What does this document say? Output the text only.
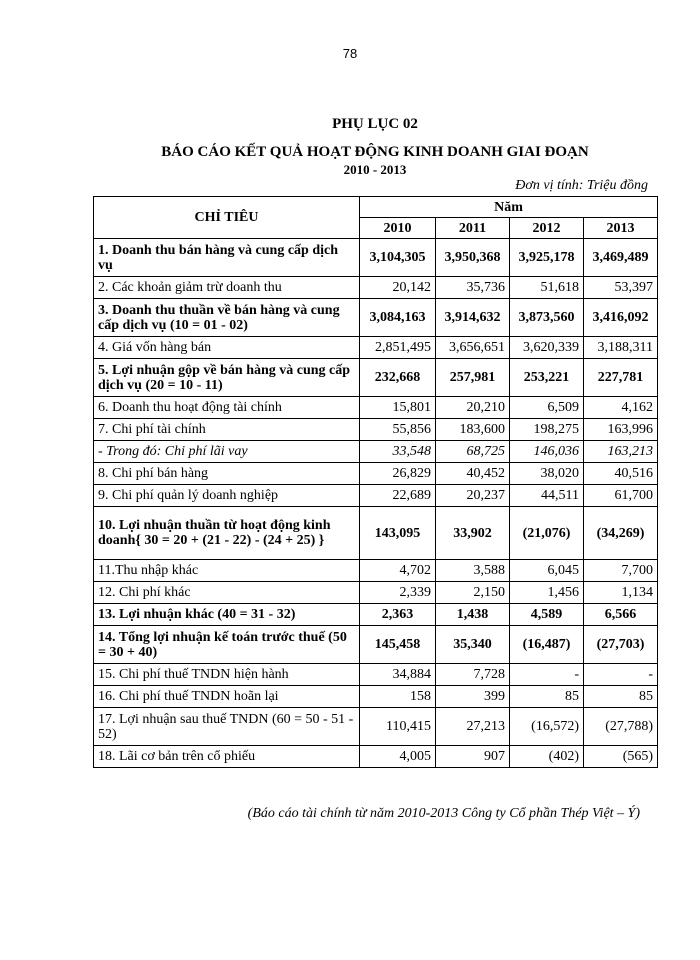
78
PHỤ LỤC 02
BÁO CÁO KẾT QUẢ HOẠT ĐỘNG KINH DOANH GIAI ĐOẠN
2010 - 2013
Đơn vị tính: Triệu đồng
CHỈ TIÊU	Năm			
	2010	2011	2012	2013
1. Doanh thu bán hàng và cung cấp dịch vụ	3,104,305	3,950,368	3,925,178	3,469,489
2. Các khoản giảm trừ doanh thu	20,142	35,736	51,618	53,397
3. Doanh thu thuần về bán hàng và cung cấp dịch vụ (10 = 01 - 02)	3,084,163	3,914,632	3,873,560	3,416,092
4. Giá vốn hàng bán	2,851,495	3,656,651	3,620,339	3,188,311
5. Lợi nhuận gộp về bán hàng và cung cấp dịch vụ (20 = 10 - 11)	232,668	257,981	253,221	227,781
6. Doanh thu hoạt động tài chính	15,801	20,210	6,509	4,162
7. Chi phí tài chính	55,856	183,600	198,275	163,996
- Trong đó: Chi phí lãi vay	33,548	68,725	146,036	163,213
8. Chi phí bán hàng	26,829	40,452	38,020	40,516
9. Chi phí quản lý doanh nghiệp	22,689	20,237	44,511	61,700
10. Lợi nhuận thuần từ hoạt động kinh doanh{ 30 = 20 + (21 - 22) - (24 + 25) }	143,095	33,902	(21,076)	(34,269)
11.Thu nhập khác	4,702	3,588	6,045	7,700
12. Chi phí khác	2,339	2,150	1,456	1,134
13. Lợi nhuận khác (40 = 31 - 32)	2,363	1,438	4,589	6,566
14. Tổng lợi nhuận kế toán trước thuế (50 = 30 + 40)	145,458	35,340	(16,487)	(27,703)
15. Chi phí thuế TNDN hiện hành	34,884	7,728	-	-
16. Chi phí thuế TNDN hoãn lại	158	399	85	85
17. Lợi nhuận sau thuế TNDN (60 = 50 - 51 - 52)	110,415	27,213	(16,572)	(27,788)
18. Lãi cơ bản trên cổ phiếu	4,005	907	(402)	(565)
(Báo cáo tài chính từ năm 2010-2013 Công ty Cổ phần Thép Việt – Ý)
